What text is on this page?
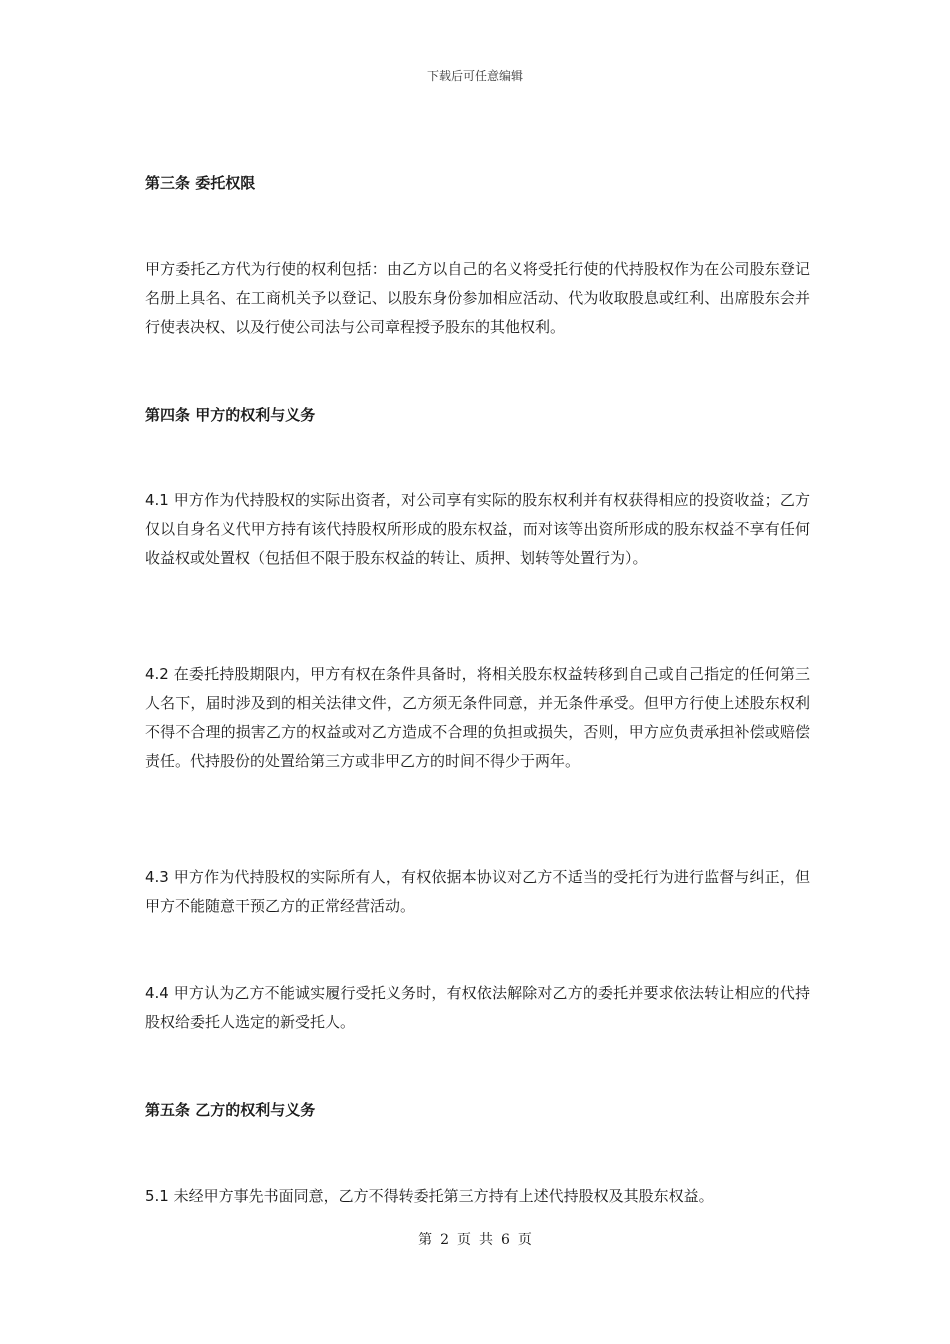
下载后可任意编辑
第三条 委托权限
甲方委托乙方代为行使的权利包括：由乙方以自己的名义将受托行使的代持股权作为在公司股东登记名册上具名、在工商机关予以登记、以股东身份参加相应活动、代为收取股息或红利、出席股东会并行使表决权、以及行使公司法与公司章程授予股东的其他权利。
第四条 甲方的权利与义务
4.1 甲方作为代持股权的实际出资者，对公司享有实际的股东权利并有权获得相应的投资收益；乙方仅以自身名义代甲方持有该代持股权所形成的股东权益，而对该等出资所形成的股东权益不享有任何收益权或处置权（包括但不限于股东权益的转让、质押、划转等处置行为）。
4.2 在委托持股期限内，甲方有权在条件具备时，将相关股东权益转移到自己或自己指定的任何第三人名下，届时涉及到的相关法律文件，乙方须无条件同意，并无条件承受。但甲方行使上述股东权利不得不合理的损害乙方的权益或对乙方造成不合理的负担或损失，否则，甲方应负责承担补偿或赔偿责任。代持股份的处置给第三方或非甲乙方的时间不得少于两年。
4.3 甲方作为代持股权的实际所有人，有权依据本协议对乙方不适当的受托行为进行监督与纠正，但甲方不能随意干预乙方的正常经营活动。
4.4 甲方认为乙方不能诚实履行受托义务时，有权依法解除对乙方的委托并要求依法转让相应的代持股权给委托人选定的新受托人。
第五条 乙方的权利与义务
5.1 未经甲方事先书面同意，乙方不得转委托第三方持有上述代持股权及其股东权益。
第 2 页 共 6 页
